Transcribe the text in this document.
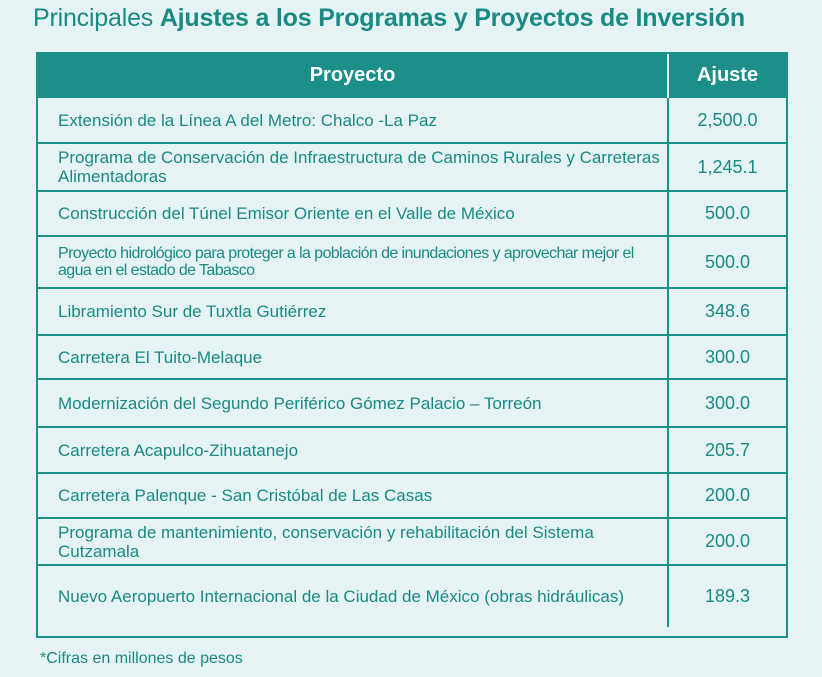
Principales Ajustes a los Programas y Proyectos de Inversión
Proyecto	Ajuste
Extensión de la Línea A del Metro: Chalco -La Paz	2,500.0
Programa de Conservación de Infraestructura de Caminos Rurales y Carreteras Alimentadoras	1,245.1
Construcción del Túnel Emisor Oriente en el Valle de México	500.0
Proyecto hidrológico para proteger a la población de inundaciones y aprovechar mejor el agua en el estado de Tabasco	500.0
Libramiento Sur de Tuxtla Gutiérrez	348.6
Carretera El Tuito-Melaque	300.0
Modernización del Segundo Periférico Gómez Palacio – Torreón	300.0
Carretera Acapulco-Zihuatanejo	205.7
Carretera Palenque - San Cristóbal de Las Casas	200.0
Programa de mantenimiento, conservación y rehabilitación del Sistema Cutzamala	200.0
Nuevo Aeropuerto Internacional de la Ciudad de México (obras hidráulicas)	189.3
*Cifras en millones de pesos
